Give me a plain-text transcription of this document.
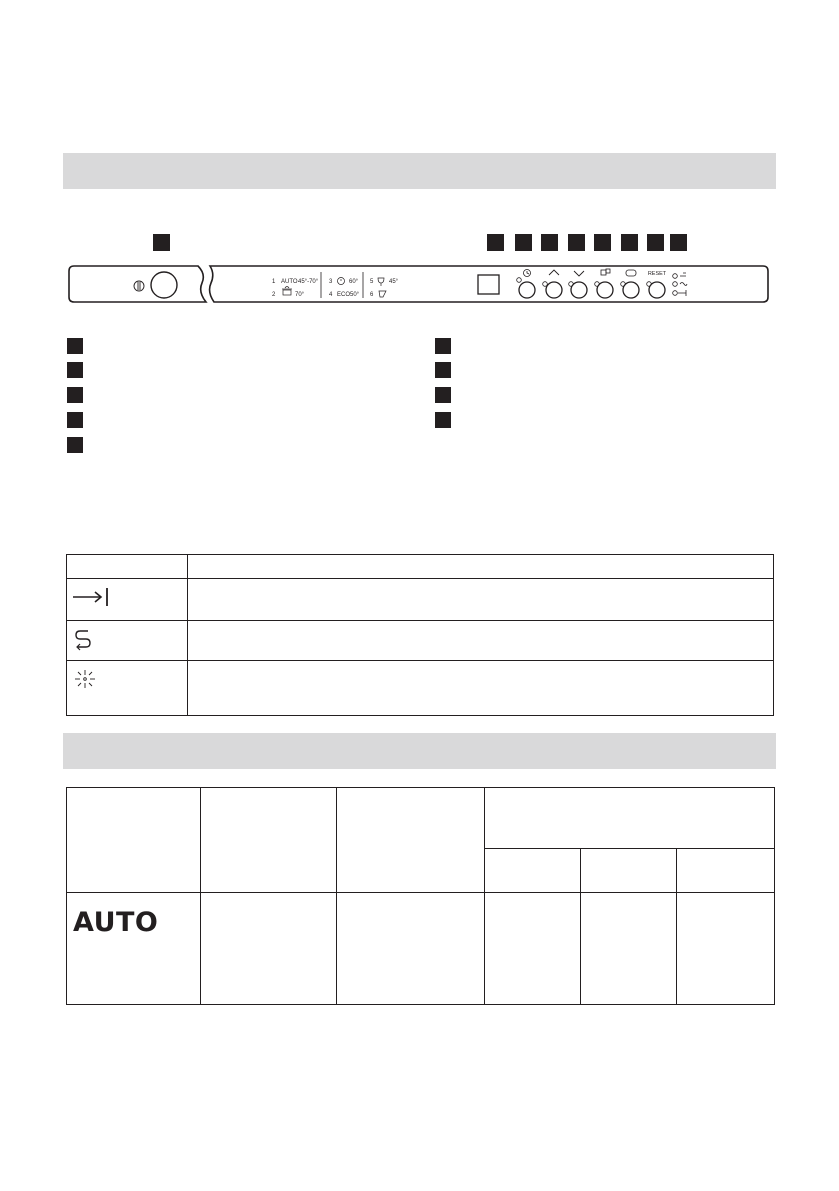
1 AUTO 45°-70°
2	70°
3	60°
4 ECO 50°
5	45°
6
RESET

AUTO					
